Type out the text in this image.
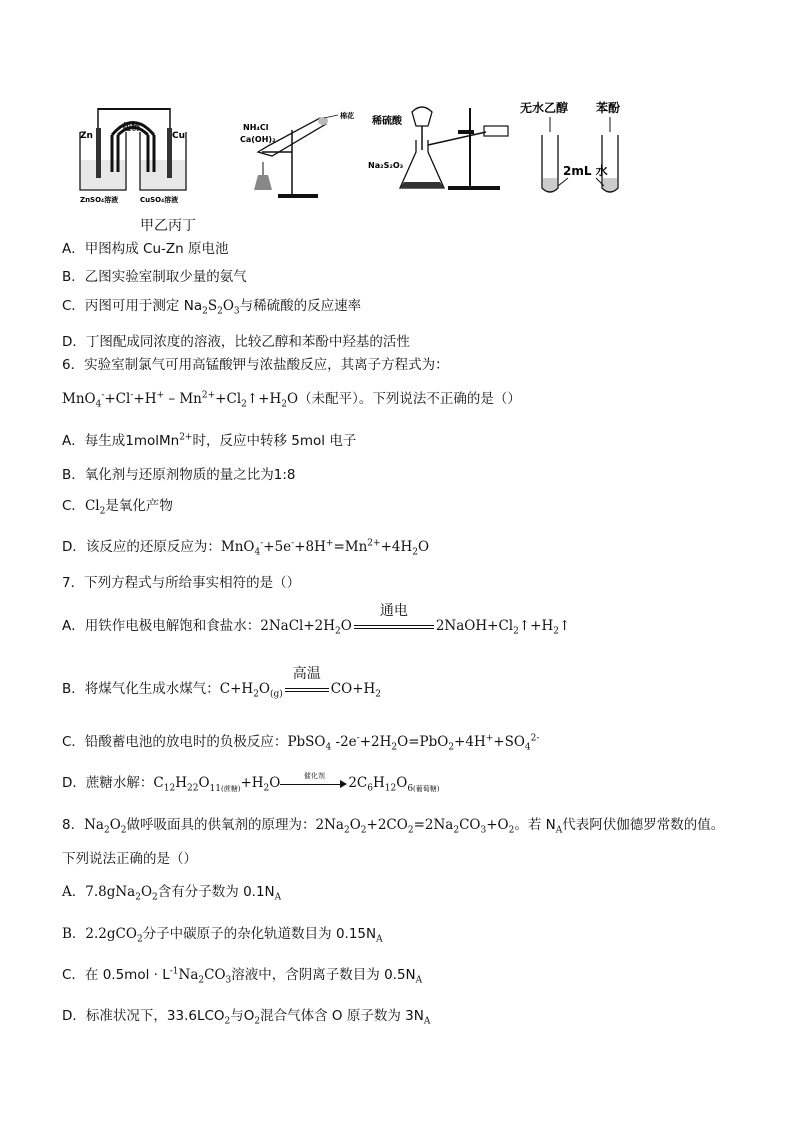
盐桥
Zn	Cu
ZnSO₄溶液	CuSO₄溶液
NH₄Cl
Ca(OH)₂
棉花 稀硫酸
Na₂S₂O₃
无水乙醇 苯酚
2mL 水
甲乙丙丁
A．甲图构成 Cu-Zn 原电池
B．乙图实验室制取少量的氨气
C．丙图可用于测定 $Na_2S_2O_3$与稀硫酸的反应速率
D．丁图配成同浓度的溶液，比较乙醇和苯酚中羟基的活性
6．实验室制氯气可用高锰酸钾与浓盐酸反应，其离子方程式为：
$MnO_4^-+Cl^-+H^+ - Mn^{2+}+Cl_2↑+H_2O$（未配平）。下列说法不正确的是（）
A．每生成1molMn$^{2+}$时，反应中转移 5mol 电子
B．氧化剂与还原剂物质的量之比为1:8
C．$Cl_2$是氧化产物
D．该反应的还原反应为：$MnO_4^-+5e^-+8H^+=Mn^{2+}+4H_2O$
7．下列方程式与所给事实相符的是（）
A．用铁作电极电解饱和食盐水：$2NaCl+2H_2O$
通电
$2NaOH+Cl_2↑+H_2↑$
B．将煤气化生成水煤气：$C+H_2O_{(g)}$
高温
$CO+H_2$
C．铅酸蓄电池的放电时的负极反应：PbSO$_4$ $-2e^-+2H_2O=PbO_2+4H^++SO_4^{2-}$
D．蔗糖水解：$C_{12}H_{22}O_{11(蔗糖)}+H_2O$	催化剂	$2C_6H_{12}O_{6(葡萄糖)}$
8．$Na_2O_2$做呼吸面具的供氧剂的原理为：$2Na_2O_2+2CO_2=2Na_2CO_3+O_2$。若 $N_A$代表阿伏伽德罗常数的值。
下列说法正确的是（）
A．$7.8gNa_2O_2$含有分子数为 $0.1N_A$
B．2.2gCO$_2$分子中碳原子的杂化轨道数目为 $0.15N_A$
C．在 $0.5mol \cdot L^{-1}Na_2CO_3$溶液中，含阴离子数目为 $0.5N_A$
D．标准状况下，$33.6LCO_2$与$O_2$混合气体含 O 原子数为 $3N_A$
